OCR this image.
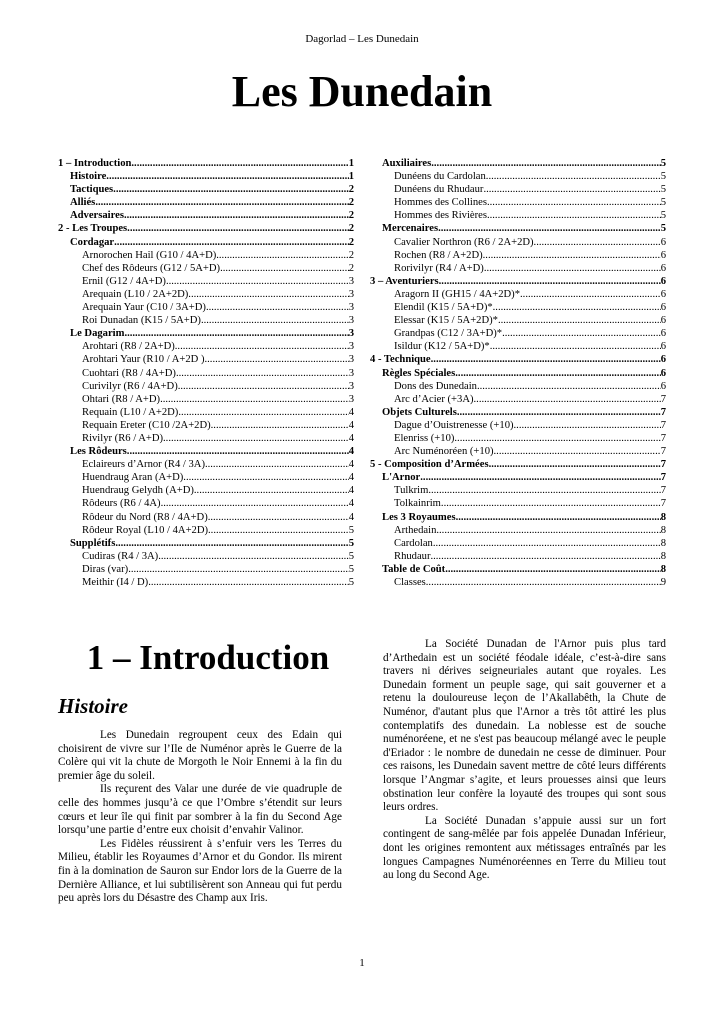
Dagorlad – Les Dunedain
Les Dunedain
1 – Introduction .....	1
Histoire .....	1
Tactiques .....	2
Alliés .....	2
Adversaires .....	2
2 - Les Troupes .....	2
Cordagar .....	2
Arnorochen Hail (G10 / 4A+D) .....	2
Chef des Rôdeurs (G12 / 5A+D) .....	2
Ernil (G12 / 4A+D) .....	3
Arequain (L10 / 2A+2D) .....	3
Arequain Yaur (C10 / 3A+D) .....	3
Roi Dunadan (K15 / 5A+D) .....	3
Le Dagarim .....	3
Arohtari (R8 / 2A+D) .....	3
Arohtari Yaur (R10 / A+2D ) .....	3
Cuohtari (R8 / 4A+D) .....	3
Curivilyr (R6 / 4A+D) .....	3
Ohtari (R8 / A+D) .....	3
Requain (L10 / A+2D) .....	4
Requain Ereter (C10 /2A+2D) .....	4
Rivilyr (R6 / A+D) .....	4
Les Rôdeurs .....	4
Eclaireurs d’Arnor (R4 / 3A) .....	4
Huendraug Aran (A+D) .....	4
Huendraug Gelydh (A+D) .....	4
Rôdeurs (R6 / 4A) .....	4
Rôdeur du Nord (R8 / 4A+D) .....	4
Rôdeur Royal (L10 / 4A+2D) .....	5
Supplétifs .....	5
Cudiras (R4 / 3A) .....	5
Diras (var) .....	5
Meithir (I4 / D) .....	5
Auxiliaires .....	5
Dunéens du Cardolan .....	5
Dunéens du Rhudaur .....	5
Hommes des Collines .....	5
Hommes des Rivières .....	5
Mercenaires .....	5
Cavalier Northron (R6 / 2A+2D) .....	6
Rochen (R8 / A+2D) .....	6
Rorivilyr (R4 / A+D) .....	6
3 – Aventuriers .....	6
Aragorn II (GH15 / 4A+2D)* .....	6
Elendil (K15 / 5A+D)* .....	6
Elessar (K15 / 5A+2D)* .....	6
Grandpas (C12 / 3A+D)* .....	6
Isildur (K12 / 5A+D)* .....	6
4 - Technique .....	6
Règles Spéciales .....	6
Dons des Dunedain .....	6
Arc d’Acier (+3A) .....	7
Objets Culturels .....	7
Dague d’Ouistrenesse (+10) .....	7
Elenriss (+10) .....	7
Arc Numénoréen (+10) .....	7
5 - Composition d’Armées .....	7
L'Arnor .....	7
Tulkrim .....	7
Tolkainrim .....	7
Les 3 Royaumes .....	8
Arthedain .....	8
Cardolan .....	8
Rhudaur .....	8
Table de Coût .....	8
Classes .....	9
1 – Introduction
Histoire

Les Dunedain regroupent ceux des Edain qui choisirent de vivre sur l’Ile de Numénor après le Guerre de la Colère qui vit la chute de Morgoth le Noir Ennemi à la fin du premier âge du soleil.

Ils reçurent des Valar une durée de vie quadruple de celle des hommes jusqu’à ce que l’Ombre s’étendit sur leurs cœurs et leur île qui finit par sombrer à la fin du Second Age lorsqu’une partie d’entre eux choisit d’envahir Valinor.

Les Fidèles réussirent à s’enfuir vers les Terres du Milieu, établir les Royaumes d’Arnor et du Gondor. Ils mirent fin à la domination de Sauron sur Endor lors de la Guerre de la Dernière Alliance, et lui subtilisèrent son Anneau qui fut perdu peu après lors du Désastre des Champ aux Iris.

La Société Dunadan de l'Arnor puis plus tard d’Arthedain est un société féodale idéale, c’est-à-dire sans travers ni dérives seigneuriales autant que royales. Les Dunedain forment un peuple sage, qui sait gouverner et a retenu la douloureuse leçon de l’Akallabêth, la Chute de Numénor, d'autant plus que l'Arnor a très tôt attiré les plus contemplatifs des dunedain. La noblesse est de souche numénoréene, et ne s'est pas beaucoup mélangé avec le peuple d'Eriador : le nombre de dunedain ne cesse de diminuer. Pour ces raisons, les Dunedain savent mettre de côté leurs différents lorsque l’Angmar s’agite, et leurs prouesses ainsi que leurs obstination leur confère la loyauté des troupes qui sont sous leurs ordres.

La Société Dunadan s’appuie aussi sur un fort contingent de sang-mêlée par fois appelée Dunadan Inférieur, dont les origines remontent aux métissages entraînés par les longues Campagnes Numénoréennes en Terre du Milieu tout au long du Second Age.

1
